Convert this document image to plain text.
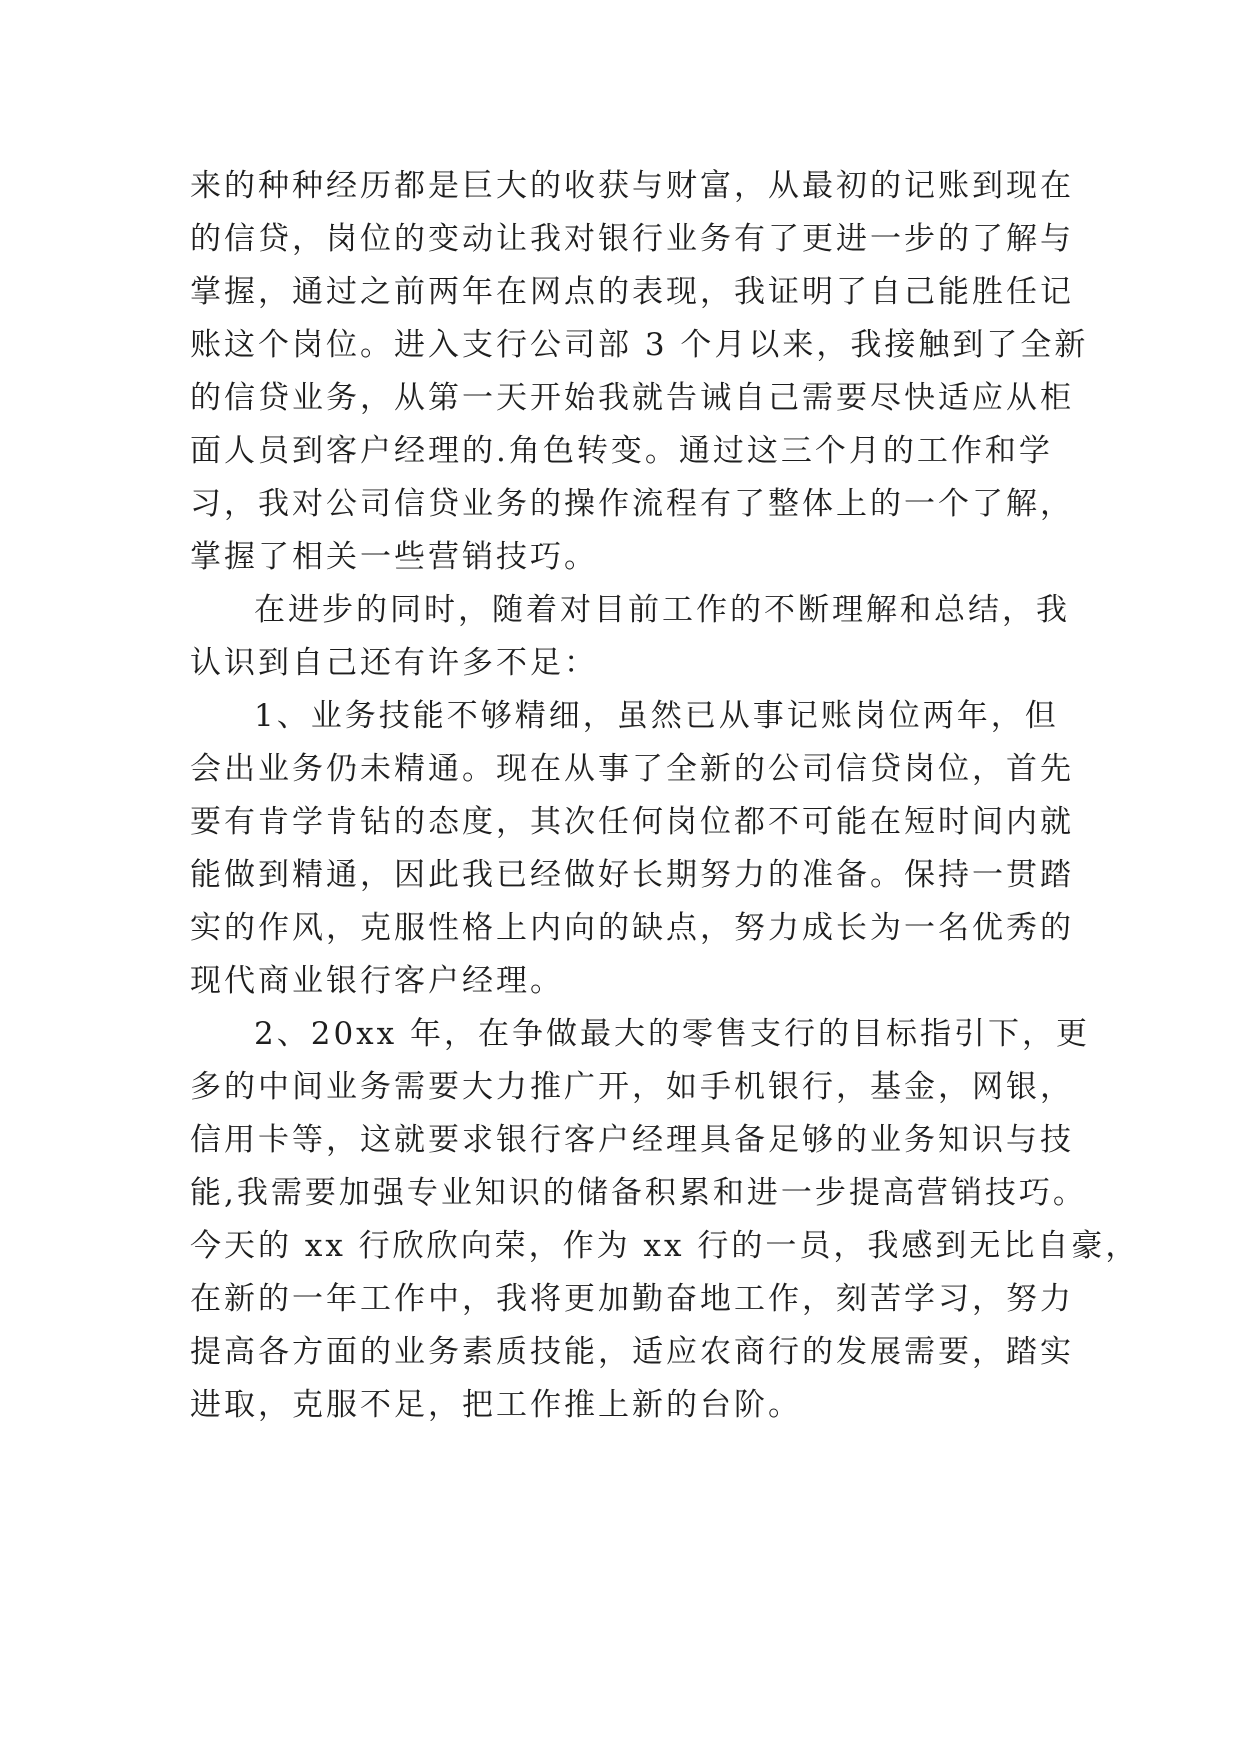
来的种种经历都是巨大的收获与财富，从最初的记账到现在
的信贷，岗位的变动让我对银行业务有了更进一步的了解与
掌握，通过之前两年在网点的表现，我证明了自己能胜任记
账这个岗位。进入支行公司部 3 个月以来，我接触到了全新
的信贷业务，从第一天开始我就告诫自己需要尽快适应从柜
面人员到客户经理的.角色转变。通过这三个月的工作和学
习，我对公司信贷业务的操作流程有了整体上的一个了解，
掌握了相关一些营销技巧。
在进步的同时，随着对目前工作的不断理解和总结，我
认识到自己还有许多不足：
1、业务技能不够精细，虽然已从事记账岗位两年，但
会出业务仍未精通。现在从事了全新的公司信贷岗位，首先
要有肯学肯钻的态度，其次任何岗位都不可能在短时间内就
能做到精通，因此我已经做好长期努力的准备。保持一贯踏
实的作风，克服性格上内向的缺点，努力成长为一名优秀的
现代商业银行客户经理。
2、20xx 年，在争做最大的零售支行的目标指引下，更
多的中间业务需要大力推广开，如手机银行，基金，网银，
信用卡等，这就要求银行客户经理具备足够的业务知识与技
能,我需要加强专业知识的储备积累和进一步提高营销技巧。
今天的 xx 行欣欣向荣，作为 xx 行的一员，我感到无比自豪，
在新的一年工作中，我将更加勤奋地工作，刻苦学习，努力
提高各方面的业务素质技能，适应农商行的发展需要，踏实
进取，克服不足，把工作推上新的台阶。
